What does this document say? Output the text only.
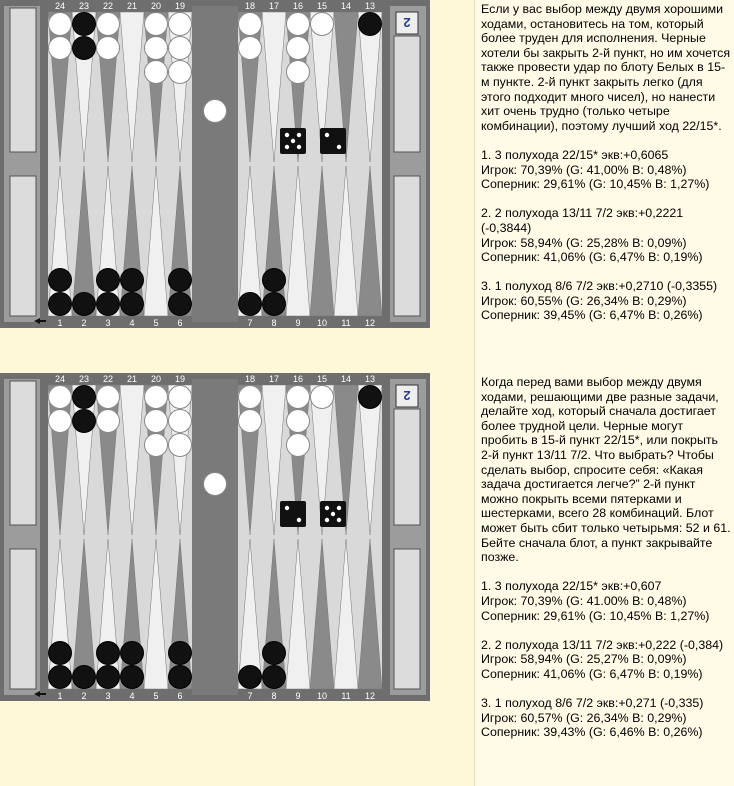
2
24 23 22 21 20 19	18 17 16 15 14 13
1 2 3 4 5 6	7 8 9 10 11 12

Если у вас выбор между двумя хорошими ходами, остановитесь на том, который более труден для исполнения. Черные хотели бы закрыть 2-й пункт, но им хочется также провести удар по блоту Белых в 15-м пункте. 2-й пункт закрыть легко (для этого подходит много чисел), но нанести хит очень трудно (только четыре комбинации), поэтому лучший ход 22/15*.

1. 3 полухода 22/15* экв:+0,6065
Игрок: 70,39% (G: 41,00% B: 0,48%)
Соперник: 29,61% (G: 10,45% B: 1,27%)

2. 2 полухода 13/11 7/2 экв:+0,2221 (-0,3844)
Игрок: 58,94% (G: 25,28% B: 0,09%)
Соперник: 41,06% (G: 6,47% B: 0,19%)

3. 1 полуход 8/6 7/2 экв:+0,2710 (-0,3355)
Игрок: 60,55% (G: 26,34% B: 0,29%)
Соперник: 39,45% (G: 6,47% B: 0,26%)

2
24 23 22 21 20 19	18 17 16 15 14 13
1 2 3 4 5 6	7 8 9 10 11 12

Когда перед вами выбор между двумя ходами, решающими две разные задачи, делайте ход, который сначала достигает более трудной цели. Черные могут пробить в 15-й пункт 22/15*, или покрыть 2-й пункт 13/11 7/2. Что выбрать? Чтобы сделать выбор, спросите себя: «Какая задача достигается легче?” 2-й пункт можно покрыть всеми пятерками и шестерками, всего 28 комбинаций. Блот может быть сбит только четырьмя: 52 и 61. Бейте сначала блот, а пункт закрывайте позже.

1. 3 полухода 22/15* экв:+0,607
Игрок: 70,39% (G: 41.00% B: 0,48%)
Соперник: 29,61% (G: 10,45% B: 1,27%)

2. 2 полухода 13/11 7/2 экв:+0,222 (-0,384)
Игрок: 58,94% (G: 25,27% B: 0,09%)
Соперник: 41,06% (G: 6,47% B: 0,19%)

3. 1 полуход 8/6 7/2 экв:+0,271 (-0,335)
Игрок: 60,57% (G: 26,34% B: 0,29%)
Соперник: 39,43% (G: 6,46% B: 0,26%)
